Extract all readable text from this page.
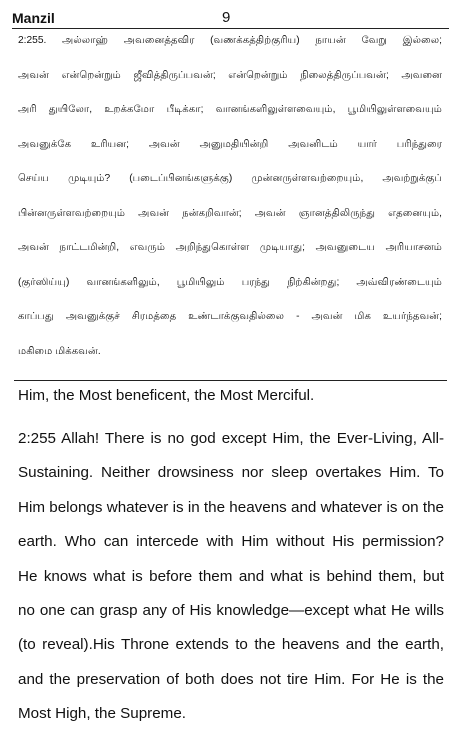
Manzil	9
2:255. அல்லாஹ் அவனைத்தவிர (வணக்கத்திற்குரிய) நாயன் வேறு இல்லை;
அவன் என்றென்றும் ஜீவித்திருப்பவன்; என்றென்றும் நிலைத்திருப்பவன்; அவனை
அரி துயிலோ, உறக்கமோ பீடிக்கா; வானங்களிலுள்ளவையும், பூமியிலுள்ளவையும்
அவனுக்கே உரியன; அவன் அனுமதியின்றி அவனிடம் யார் பரிந்துரை
செய்ய முடியும்? (படைப்பினங்களுக்கு) முன்னருள்ளவற்றையும், அவற்றுக்குப்
பின்னருள்ளவற்றையும் அவன் நன்கறிவான்; அவன் ஞானத்திலிருந்து எதனையும்,
அவன் நாட்டமின்றி, எவரும் அறிந்துகொள்ள முடியாது; அவனுடைய அரியாசனம்
(குர்ஸிய்யு) வானங்களிலும், பூமியிலும் பரந்து நிற்கின்றது; அவ்விரண்டையும்
காப்பது அவனுக்குச் சிரமத்தை உண்டாக்குவதில்லை - அவன் மிக உயர்ந்தவன்;
மகிமை மிக்கவன்.
Him, the Most beneficent, the Most Merciful.
2:255 Allah! There is no god except Him, the Ever-Living, All-
Sustaining. Neither drowsiness nor sleep overtakes Him. To
Him belongs whatever is in the heavens and whatever is on the
earth. Who can intercede with Him without His permission?
He knows what is before them and what is behind them, but
no one can grasp any of His knowledge—except what He wills
(to reveal).His Throne extends to the heavens and the earth,
and the preservation of both does not tire Him. For He is the
Most High, the Supreme.
